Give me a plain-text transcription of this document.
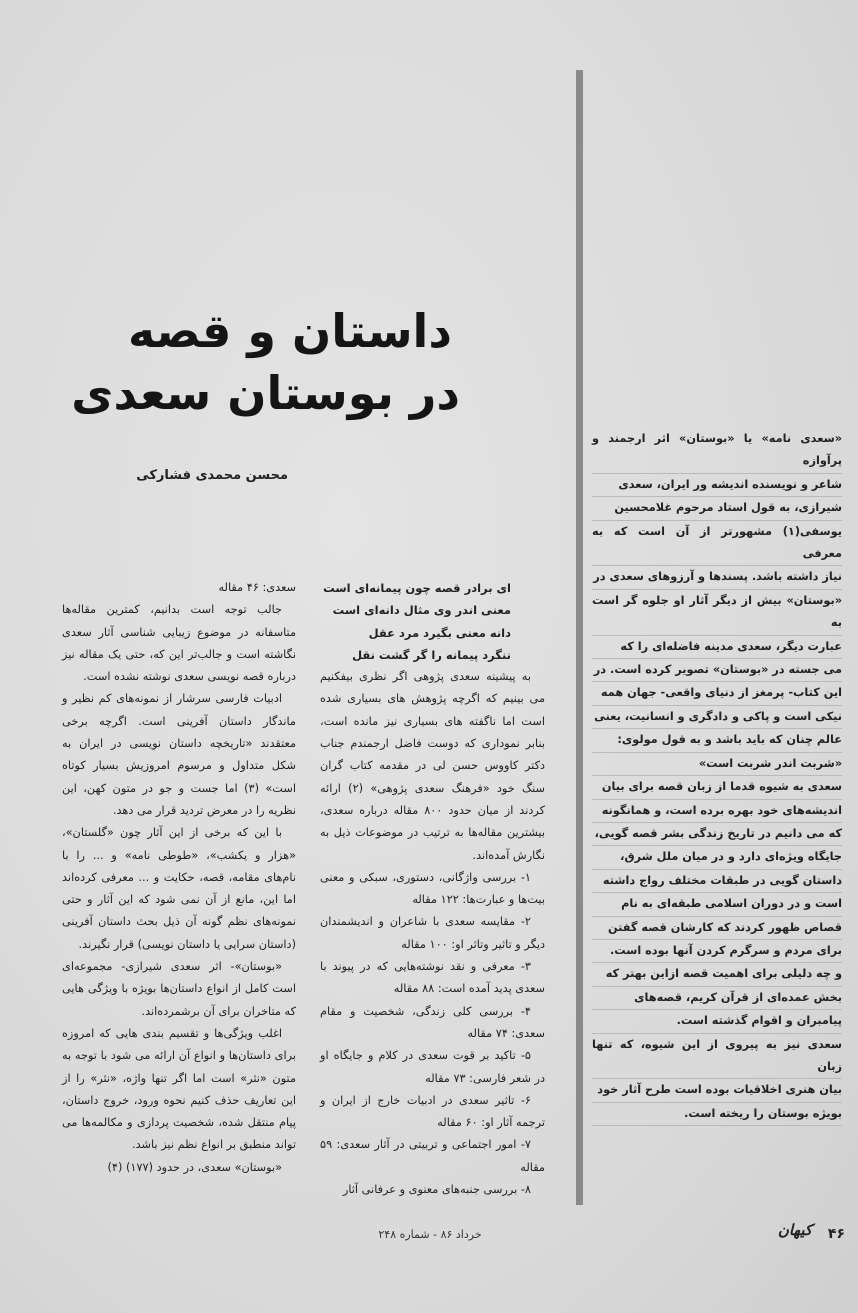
داستان و قصه
در بوستان سعدی
محسن محمدی فشارکی
«سعدی نامه» یا «بوستان» اثر ارجمند و پرآوازه
شاعر و نویسنده اندیشه ور ایران، سعدی
شیرازی، به قول استاد مرحوم غلامحسین
یوسفی(۱) مشهورتر از آن است که به معرفی
نیاز داشته باشد. پسندها و آرزوهای سعدی در
«بوستان» بیش از دیگر آثار او جلوه گر است به
عبارت دیگر، سعدی مدینه فاضله‌ای را که
می جسته در «بوستان» تصویر کرده است. در
این کتاب- پرمغز از دنیای واقعی- جهان همه
نیکی است و پاکی و دادگری و انسانیت، یعنی
عالم چنان که باید باشد و به قول مولوی:
«شربت اندر شربت است»
سعدی به شیوه قدما از زبان قصه برای بیان
اندیشه‌های خود بهره برده است، و همانگونه
که می دانیم در تاریخ زندگی بشر قصه گویی،
جایگاه ویژه‌ای دارد و در میان ملل شرق،
داستان گویی در طبقات مختلف رواج داشته
است و در دوران اسلامی طبقه‌ای به نام
قصاص ظهور کردند که کارشان قصه گفتن
برای مردم و سرگرم کردن آنها بوده است.
و چه دلیلی برای اهمیت قصه ازاین بهتر که
بخش عمده‌ای از قرآن کریم، قصه‌های
پیامبران و اقوام گذشته است.
سعدی نیز به پیروی از این شیوه، که تنها زبان
بیان هنری اخلاقیات بوده است طرح آثار خود
بویژه بوستان را ریخته است.
ای برادر قصه چون پیمانه‌ای است
معنی اندر وی مثال دانه‌ای است
دانه معنی بگیرد مرد عقل
ننگرد پیمانه را گر گشت نقل

به پیشینه سعدی پژوهی اگر نظری بیفکنیم می بینیم که اگرچه پژوهش های بسیاری شده است اما ناگفته های بسیاری نیز مانده است، بنابر نموداری که دوست فاضل ارجمندم جناب دکتر کاووس حسن لی در مقدمه کتاب گران سنگ خود «فرهنگ سعدی پژوهی» (۲) ارائه کردند از میان حدود ۸۰۰ مقاله درباره سعدی، بیشترین مقاله‌ها به ترتیب در موضوعات ذیل به نگارش آمده‌اند.

۱- بررسی واژگانی، دستوری، سبکی و معنی بیت‌ها و عبارت‌ها: ۱۲۲ مقاله

۲- مقایسه سعدی با شاعران و اندیشمندان دیگر و تاثیر وتاثر او: ۱۰۰ مقاله

۳- معرفی و نقد نوشته‌هایی که در پیوند با سعدی پدید آمده است: ۸۸ مقاله

۴- بررسی کلی زندگی، شخصیت و مقام سعدی: ۷۴ مقاله

۵- تاکید بر قوت سعدی در کلام و جایگاه او در شعر فارسی: ۷۳ مقاله

۶- تاثیر سعدی در ادبیات خارج از ایران و ترجمه آثار او: ۶۰ مقاله

۷- امور اجتماعی و تربیتی در آثار سعدی: ۵۹ مقاله

۸- بررسی جنبه‌های معنوی و عرفانی آثار

سعدی: ۴۶ مقاله

جالب توجه است بدانیم، کمترین مقاله‌ها متاسفانه در موضوع زیبایی شناسی آثار سعدی نگاشته است و جالب‌تر این که، حتی یک مقاله نیز درباره قصه نویسی سعدی نوشته نشده است.

ادبیات فارسی سرشار از نمونه‌های کم نظیر و ماندگار داستان آفرینی است. اگرچه برخی معتقدند «تاریخچه داستان نویسی در ایران به شکل متداول و مرسوم امروزیش بسیار کوتاه است» (۳) اما جست و جو در متون کهن، این نظریه را در معرض تردید قرار می دهد.

با این که برخی از این آثار چون «گلستان»، «هزار و یکشب»، «طوطی نامه» و ... را با نام‌های مقامه، قصه، حکایت و ... معرفی کرده‌اند اما این، مانع از آن نمی شود که این آثار و حتی نمونه‌های نظم گونه آن ذیل بحث داستان آفرینی (داستان سرایی یا داستان نویسی) قرار نگیرند.

«بوستان»- اثر سعدی شیرازی- مجموعه‌ای است کامل از انواع داستان‌ها بویژه با ویژگی هایی که متاخران برای آن برشمرده‌اند.

اغلب ویژگی‌ها و تقسیم بندی هایی که امروزه برای داستان‌ها و انواع آن ارائه می شود با توجه به متون «نثر» است اما اگر تنها واژه، «نثر» را از این تعاریف حذف کنیم نحوه ورود، خروج داستان، پیام منتقل شده، شخصیت پردازی و مکالمه‌ها می تواند منطبق بر انواع نظم نیز باشد.

«بوستان» سعدی، در حدود (۱۷۷) (۴)

خرداد ۸۶ - شماره ۲۴۸	کیهان	۴۶
